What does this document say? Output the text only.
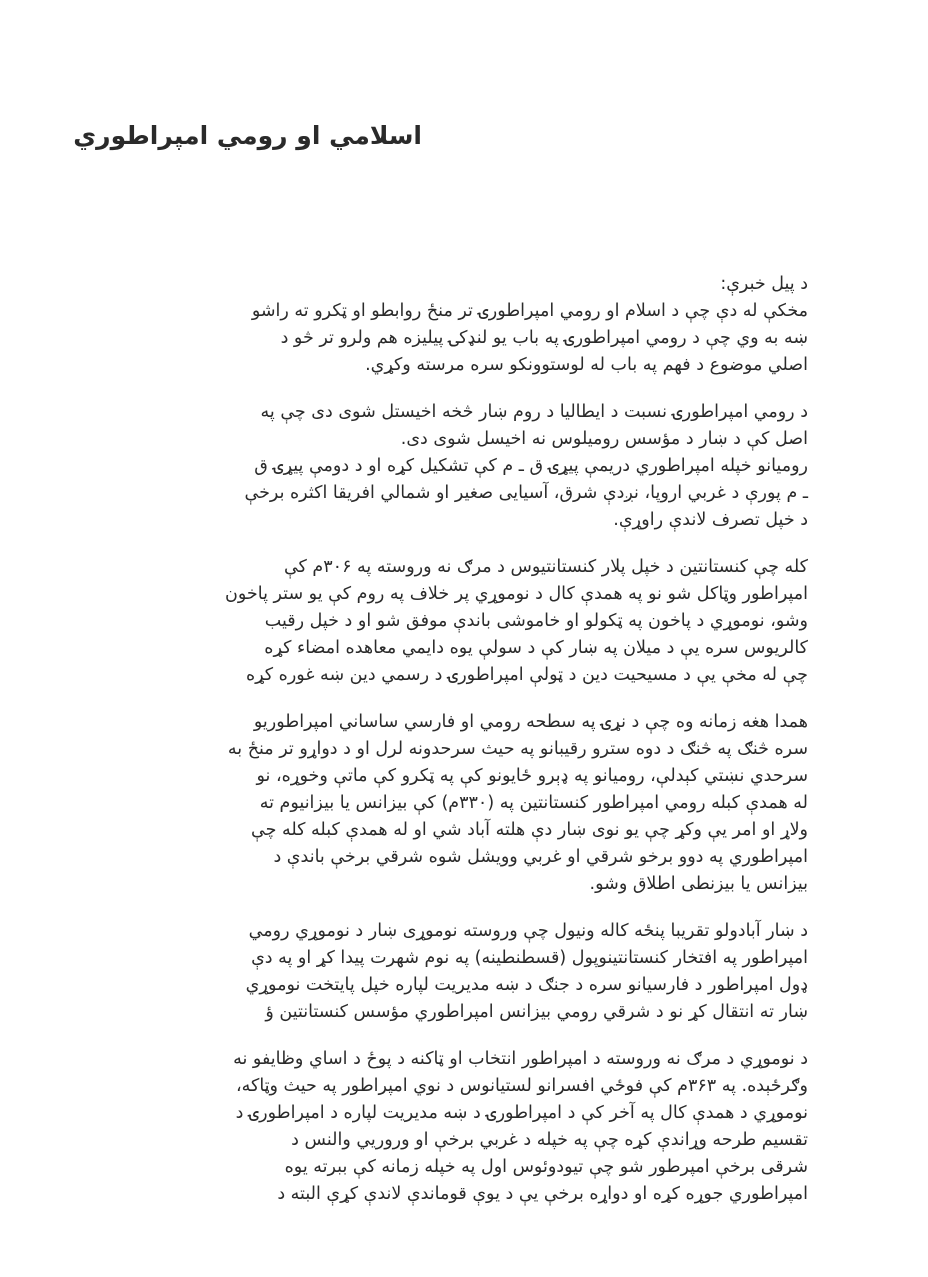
اسلامي او رومي امپراطوري
د پیل خبرې:
مخکې له دې چې د اسلام او رومي امپراطورۍ تر منځ روابطو او ټکرو ته راشو
ښه به وي چې د رومي امپراطورۍ په باب یو لنډکۍ پیلیزه هم ولرو تر څو د
اصلي موضوع د فهم په باب له لوستوونکو سره مرسته وکړي.
د رومي امپراطورۍ نسبت د ایطالیا د روم ښار څخه اخیستل شوی دی چې په
اصل کې د ښار د مؤسس رومیلوس نه اخیسل شوی دی.
رومیانو خپله امپراطوري دریمې پیړۍ ق ـ م کې تشکیل کړه او د دومې پیړۍ ق
ـ م پورې د غربي اروپا، نږدې شرق، آسیایی صغیر او شمالي افریقا اکثره برخې
د خپل تصرف لاندې راوړې.
کله چې کنستانتین د خپل پلار کنستانتیوس د مرګ نه وروسته په ۳۰۶م کې
امپراطور وټاکل شو نو په همدې کال د نوموړي پر خلاف په روم کې یو ستر پاخون
وشو، نوموړي د پاخون په ټکولو او خاموشی باندې موفق شو او د خپل رقیب
کالریوس سره یې د میلان په ښار کې د سولې یوه دایمي معاهده امضاء کړه
چې له مخې یې د مسیحیت دین د ټولې امپراطورۍ د رسمي دین ښه غوره کړه
همدا هغه زمانه وه چې د نړۍ په سطحه رومي او فارسي ساساني امپراطوریو
سره څنګ په څنګ د دوه سترو رقیبانو په حیث سرحدونه لرل او د دواړو تر منځ به
سرحدي نښتي کېدلې، رومیانو په ډېرو ځایونو کې په ټکرو کې ماتې وخوړه، نو
له همدې کبله رومي امپراطور کنستانتین په (۳۳۰م) کې بیزانس یا بیزانیوم ته
ولاړ او امر یې وکړ چې یو نوی ښار دې هلته آباد شي او له همدې کبله کله چې
امپراطوري په دوو برخو شرقي او غربي وویشل شوه شرقي برخې باندې د
بیزانس یا بیزنطی اطلاق وشو.
د ښار آبادولو تقریبا پنځه کاله ونیول چې وروسته نوموړی ښار د نوموړي رومي
امپراطور په افتخار کنستانتینوپول (قسطنطینه) په نوم شهرت پیدا کړ او په دې
ډول امپراطور د فارسیانو سره د جنګ د ښه مدیریت لپاره خپل پایتخت نوموړي
ښار ته انتقال کړ نو د شرقي رومي بیزانس امپراطوري مؤسس کنستانتین ؤ
د نوموړي د مرګ نه وروسته د امپراطور انتخاب او ټاکنه د پوځ د اساي وظایفو نه
وګرځېده. په ۳۶۳م کې فوځي افسرانو لستیانوس د نوي امپراطور په حیث وټاکه،
نوموړي د همدې کال په آخر کې د امپراطورۍ د ښه مدیریت لپاره د امپراطورۍ د
تقسیم طرحه وړاندې کړه چې په خپله د غربي برخې او وروریي والنس د
شرقی برخې امپرطور شو چې تیودوئوس اول په خپله زمانه کې ببرته یوه
امپراطوري جوړه کړه او دواړه برخې یې د یوې قوماندې لاندې کړې البته د
